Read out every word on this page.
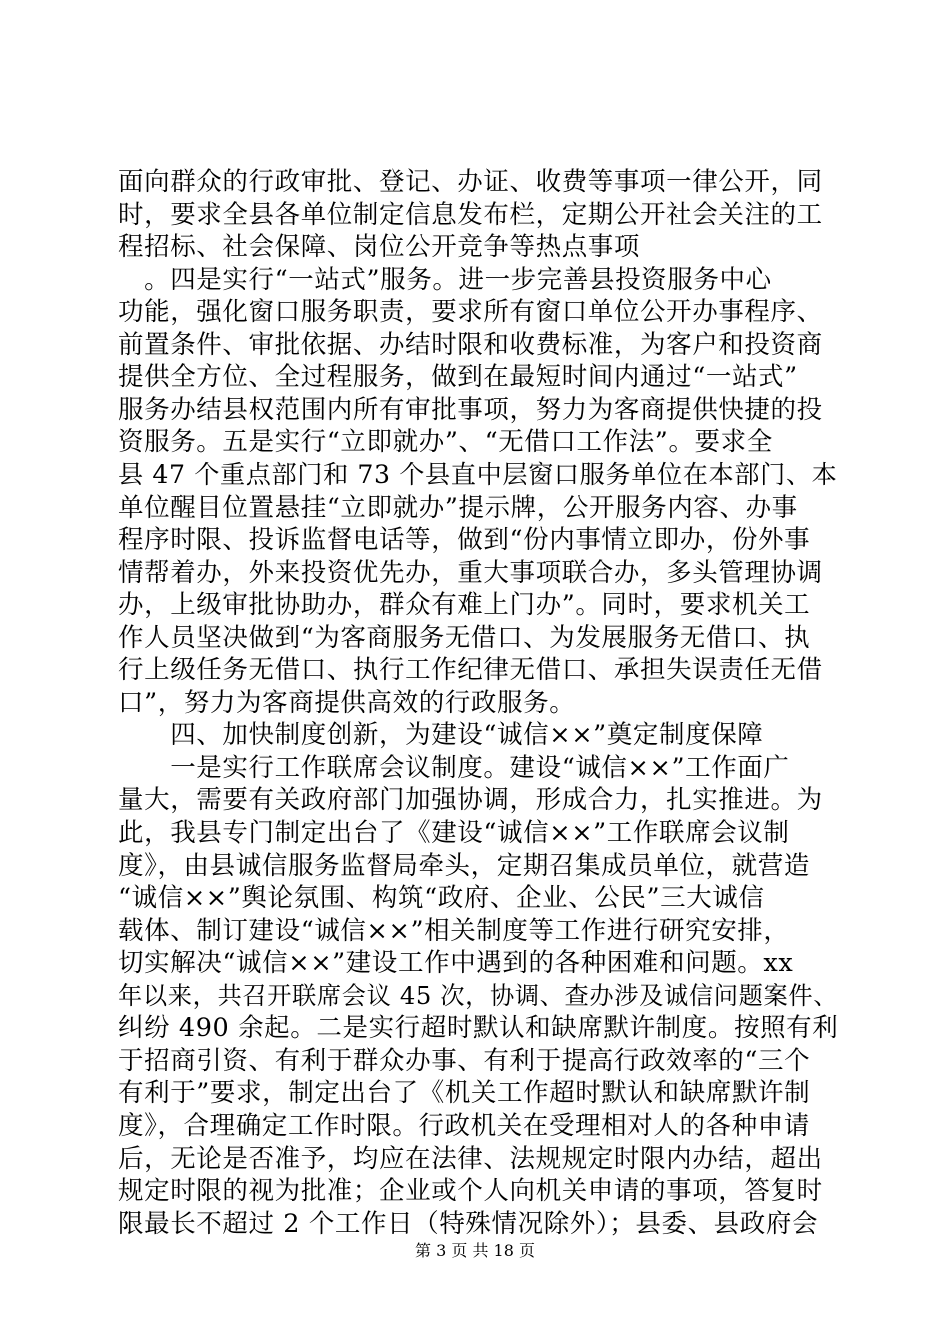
面向群众的行政审批、登记、办证、收费等事项一律公开，同
时，要求全县各单位制定信息发布栏，定期公开社会关注的工
程招标、社会保障、岗位公开竞争等热点事项
　。四是实行“一站式”服务。进一步完善县投资服务中心
功能，强化窗口服务职责，要求所有窗口单位公开办事程序、
前置条件、审批依据、办结时限和收费标准，为客户和投资商
提供全方位、全过程服务，做到在最短时间内通过“一站式”
服务办结县权范围内所有审批事项，努力为客商提供快捷的投
资服务。五是实行“立即就办”、“无借口工作法”。要求全
县 47 个重点部门和 73 个县直中层窗口服务单位在本部门、本
单位醒目位置悬挂“立即就办”提示牌，公开服务内容、办事
程序时限、投诉监督电话等，做到“份内事情立即办，份外事
情帮着办，外来投资优先办，重大事项联合办，多头管理协调
办，上级审批协助办，群众有难上门办”。同时，要求机关工
作人员坚决做到“为客商服务无借口、为发展服务无借口、执
行上级任务无借口、执行工作纪律无借口、承担失误责任无借
口”，努力为客商提供高效的行政服务。
　　四、加快制度创新，为建设“诚信××”奠定制度保障
　　一是实行工作联席会议制度。建设“诚信××”工作面广
量大，需要有关政府部门加强协调，形成合力，扎实推进。为
此，我县专门制定出台了《建设“诚信××”工作联席会议制
度》，由县诚信服务监督局牵头，定期召集成员单位，就营造
“诚信××”舆论氛围、构筑“政府、企业、公民”三大诚信
载体、制订建设“诚信××”相关制度等工作进行研究安排，
切实解决“诚信××”建设工作中遇到的各种困难和问题。xx
年以来，共召开联席会议 45 次，协调、查办涉及诚信问题案件、
纠纷 490 余起。二是实行超时默认和缺席默许制度。按照有利
于招商引资、有利于群众办事、有利于提高行政效率的“三个
有利于”要求，制定出台了《机关工作超时默认和缺席默许制
度》，合理确定工作时限。行政机关在受理相对人的各种申请
后，无论是否准予，均应在法律、法规规定时限内办结，超出
规定时限的视为批准；企业或个人向机关申请的事项，答复时
限最长不超过 2 个工作日（特殊情况除外）；县委、县政府会
第 3 页 共 18 页
